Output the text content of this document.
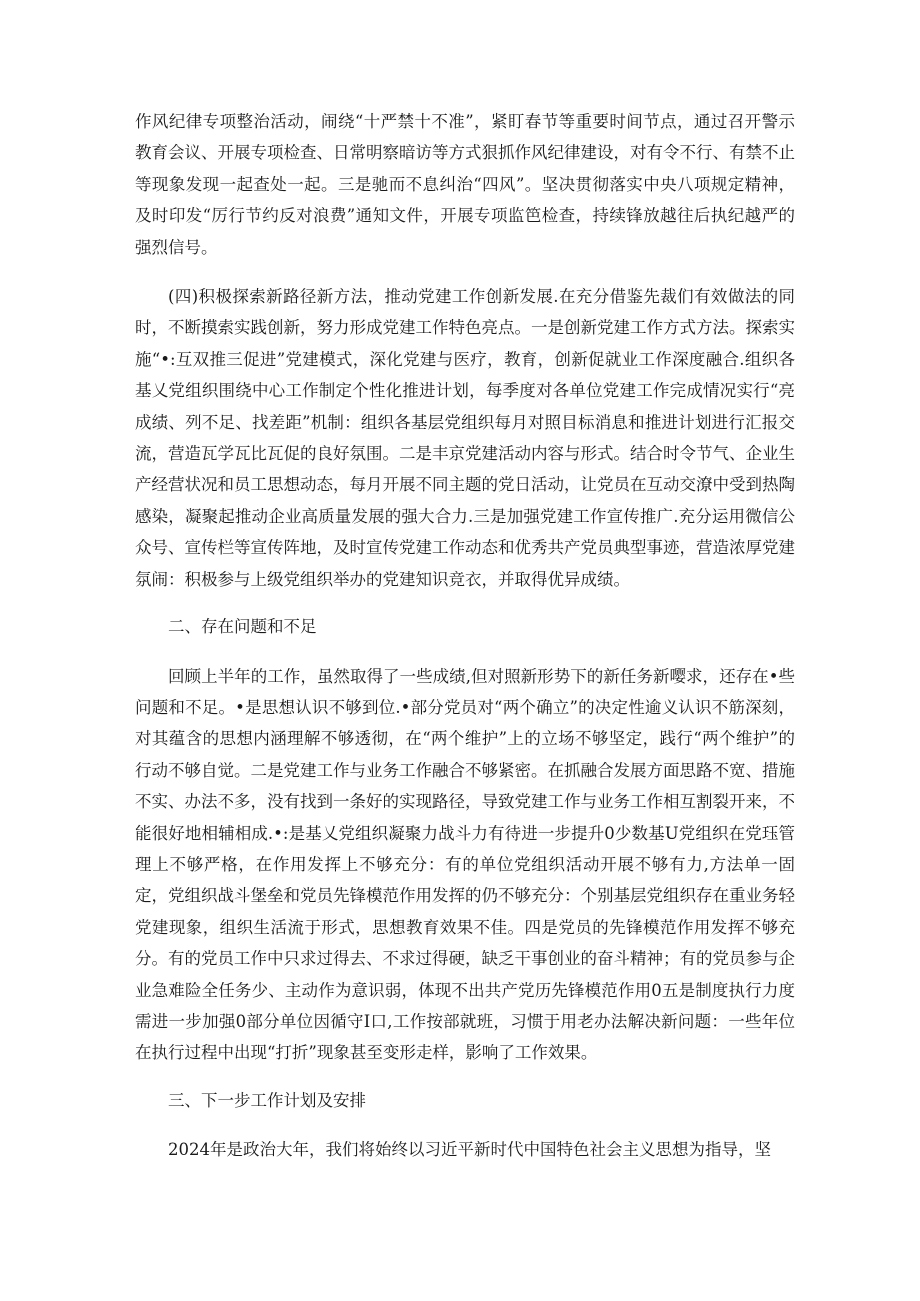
作风纪律专项整治活动，闹绕“十严禁十不准”，紧盯春节等重要时间节点，通过召开警示教育会议、开展专项检查、日常明察暗访等方式狠抓作风纪律建设，对有令不行、有禁不止等现象发现一起查处一起。三是驰而不息纠治“四风”。坚决贯彻落实中央八项规定精神，及时印发“厉行节约反对浪费”通知文件，开展专项监笆检查，持续锋放越往后执纪越严的强烈信号。

(四)积极探索新路径新方法，推动党建工作创新发展.在充分借鉴先裁们有效做法的同时，不断摸索实践创新，努力形成党建工作特色亮点。一是创新党建工作方式方法。探索实施“•:互双推三促进”党建模式，深化党建与医疗，教育，创新促就业工作深度融合.组织各基乂党组织围绕中心工作制定个性化推进计划，每季度对各单位党建工作完成情况实行“亮成绩、列不足、找差距”机制：组织各基层党组织每月对照目标消息和推进计划进行汇报交流，营造瓦学瓦比瓦促的良好氛围。二是丰京党建活动内容与形式。结合时令节气、企业生产经营状况和员工思想动态，每月开展不同主题的党日活动，让党员在互动交潦中受到热陶感染，凝聚起推动企业高质量发展的强大合力.三是加强党建工作宣传推广.充分运用微信公众号、宣传栏等宣传阵地，及时宣传党建工作动态和优秀共产党员典型事迹，营造浓厚党建氛闹：积极参与上级党组织举办的党建知识竞衣，并取得优异成绩。

二、存在问题和不足

回顾上半年的工作，虽然取得了一些成绩,但对照新形势下的新任务新嘤求，还存在•些问题和不足。•是思想认识不够到位.•部分党员对“两个确立”的决定性逾义认识不筋深刻，对其蕴含的思想内涵理解不够透彻，在“两个维护”上的立场不够坚定，践行“两个维护”的行动不够自觉。二是党建工作与业务工作融合不够紧密。在抓融合发展方面思路不宽、措施不实、办法不多，没有找到一条好的实现路径，导致党建工作与业务工作相互割裂开来，不能很好地相辅相成.•:是基乂党组织凝聚力战斗力有待进一步提升0少数基U党组织在党珏管理上不够严格，在作用发挥上不够充分：有的单位党组织活动开展不够有力,方法单一固定，党组织战斗堡垒和党员先锋模范作用发挥的仍不够充分：个别基层党组织存在重业务轻党建现象，组织生活流于形式，思想教育效果不佳。四是党员的先锋模范作用发挥不够充分。有的党员工作中只求过得去、不求过得硬，缺乏干事创业的奋斗精神；有的党员参与企业急难险全任务少、主动作为意识弱，体现不出共产党历先锋模范作用0五是制度执行力度需进一步加强0部分单位因循守I口,工作按部就班，习惯于用老办法解决新问题：一些年位在执行过程中出现“打折”现象甚至变形走样，影响了工作效果。

三、下一步工作计划及安排

2024年是政治大年，我们将始终以习近平新时代中国特色社会主义思想为指导，坚
